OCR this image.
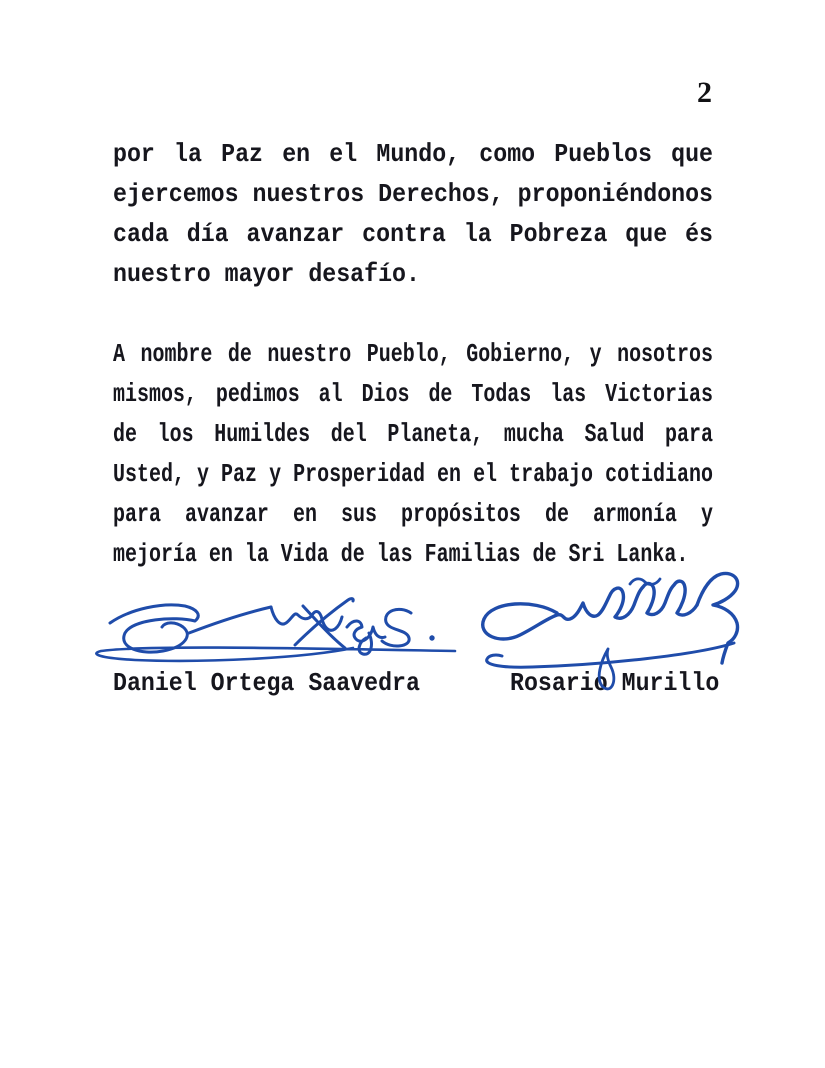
2
por la Paz en el Mundo, como Pueblos que
ejercemos nuestros Derechos, proponiéndonos
cada día avanzar contra la Pobreza que és
nuestro mayor desafío.
A nombre de nuestro Pueblo, Gobierno, y nosotros
mismos, pedimos al Dios de Todas las Victorias
de los Humildes del Planeta, mucha Salud para
Usted, y Paz y Prosperidad en el trabajo cotidiano
para avanzar en sus propósitos de armonía y
mejoría en la Vida de las Familias de Sri Lanka.
Daniel Ortega Saavedra	Rosario Murillo
